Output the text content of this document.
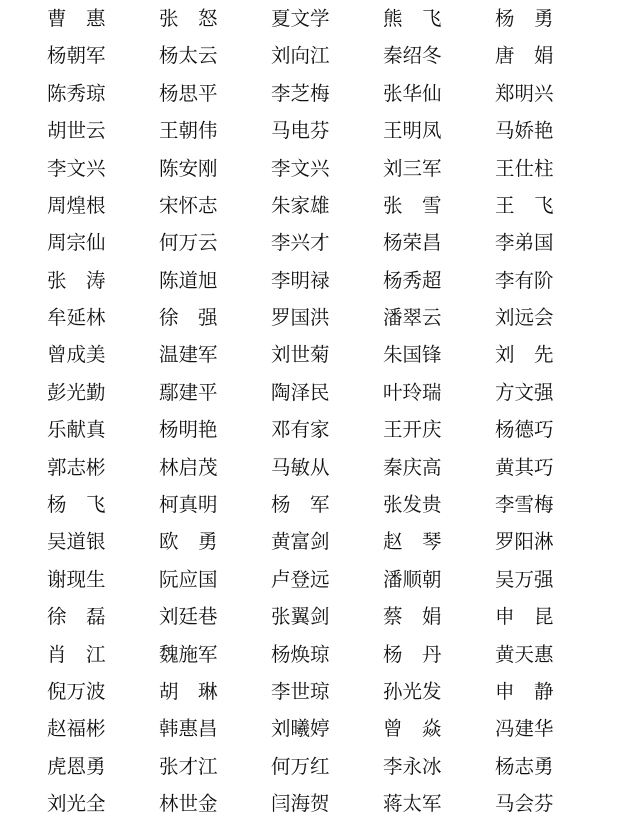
曹　惠	张　怒	夏文学	熊　飞	杨　勇
杨朝军	杨太云	刘向江	秦绍冬	唐　娟
陈秀琼	杨思平	李芝梅	张华仙	郑明兴
胡世云	王朝伟	马电芬	王明凤	马娇艳
李文兴	陈安刚	李文兴	刘三军	王仕柱
周煌根	宋怀志	朱家雄	张　雪	王　飞
周宗仙	何万云	李兴才	杨荣昌	李弟国
张　涛	陈道旭	李明禄	杨秀超	李有阶
牟延林	徐　强	罗国洪	潘翠云	刘远会
曾成美	温建军	刘世菊	朱国锋	刘　先
彭光勤	鄢建平	陶泽民	叶玲瑞	方文强
乐献真	杨明艳	邓有家	王开庆	杨德巧
郭志彬	林启茂	马敏从	秦庆高	黄其巧
杨　飞	柯真明	杨　军	张发贵	李雪梅
吴道银	欧　勇	黄富剑	赵　琴	罗阳淋
谢现生	阮应国	卢登远	潘顺朝	吴万强
徐　磊	刘廷巷	张翼剑	蔡　娟	申　昆
肖　江	魏施军	杨焕琼	杨　丹	黄天惠
倪万波	胡　琳	李世琼	孙光发	申　静
赵福彬	韩惠昌	刘曦婷	曾　焱	冯建华
虎恩勇	张才江	何万红	李永冰	杨志勇
刘光全	林世金	闫海贺	蒋太军	马会芬
